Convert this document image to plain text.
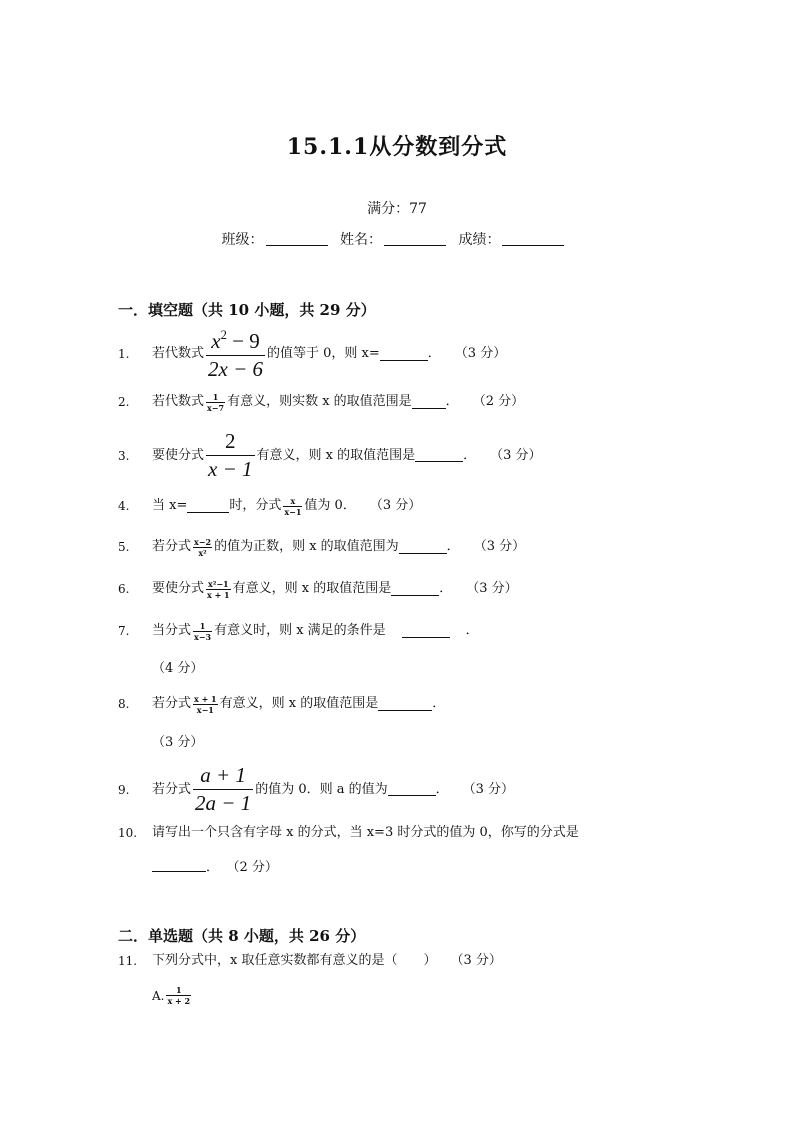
15.1.1从分数到分式
满分：77
班级：	姓名：	成绩：
一．填空题（共 10 小题，共 29 分）
1.	若代数式 $\frac{x^2 - 9}{2x - 6}$ 的值等于 0，则 x=	． （3 分）
2.	若代数式 $\frac{1}{x-7}$ 有意义，则实数 x 的取值范围是	． （2 分）
3.	要使分式 $\frac{2}{x - 1}$ 有意义，则 x 的取值范围是	． （3 分）
4.	当 x=	时，分式 $\frac{x}{x-1}$ 值为 0． （3 分）
5.	若分式 $\frac{x-2}{\text{x²}}$ 的值为正数，则 x 的取值范围为	． （3 分）
6.	要使分式 $\frac{\text{x²−1}}{x + 1}$ 有意义，则 x 的取值范围是	． （3 分）
7.	当分式 $\frac{1}{x-3}$ 有意义时，则 x 满足的条件是	．
（4 分）
8.	若分式 $\frac{x + 1}{x-1}$ 有意义，则 x 的取值范围是	．
（3 分）
9.	若分式 $\frac{a + 1}{2a - 1}$ 的值为 0．则 a 的值为	． （3 分）
10.	请写出一个只含有字母 x 的分式，当 x=3 时分式的值为 0，你写的分式是
． （2 分）
二．单选题（共 8 小题，共 26 分）
11.	下列分式中，x 取任意实数都有意义的是（　　） （3 分）
A. $\frac{1}{x + 2}$
